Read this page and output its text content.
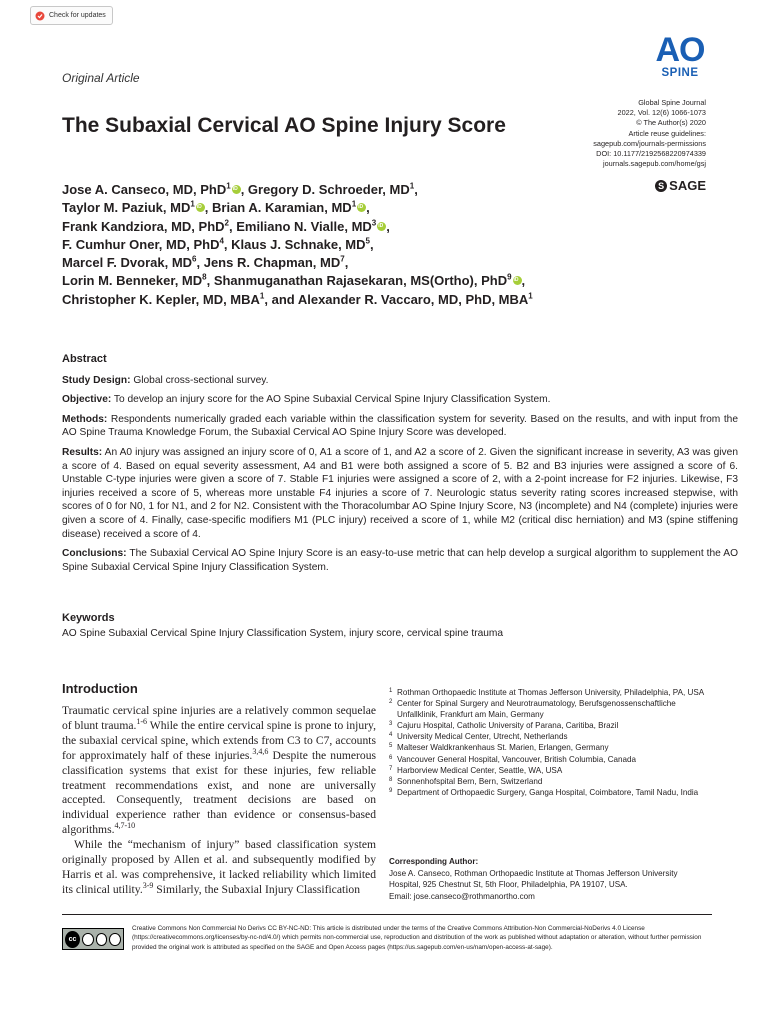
Check for updates
AO
SPINE
Original Article
The Subaxial Cervical AO Spine Injury Score
Global Spine Journal
2022, Vol. 12(6) 1066-1073
© The Author(s) 2020
Article reuse guidelines:
sagepub.com/journals-permissions
DOI: 10.1177/2192568220974339
journals.sagepub.com/home/gsj
S SAGE
Jose A. Canseco, MD, PhD$^1$iD , Gregory D. Schroeder, $MD^1$,
Taylor M. Paziuk, $MD^1iD$ , Brian A. Karamian, $MD^1iD$ ,
Frank Kandziora, MD, PhD$^2$, Emiliano N. Vialle, $MD^3iD$ ,
F. Cumhur Oner, MD, PhD$^4$, Klaus J. Schnake, $MD^5$,
Marcel F. Dvorak, $MD^6$, Jens R. Chapman, $MD^7$,
Lorin M. Benneker, $MD^8$, Shanmuganathan Rajasekaran, MS(Ortho), PhD$^9$iD ,
Christopher K. Kepler, MD, MBA$^1$, and Alexander R. Vaccaro, MD, PhD, MBA$^1$
Abstract

Study Design: Global cross-sectional survey.

Objective: To develop an injury score for the AO Spine Subaxial Cervical Spine Injury Classification System.

Methods: Respondents numerically graded each variable within the classification system for severity. Based on the results, and with input from the AO Spine Trauma Knowledge Forum, the Subaxial Cervical AO Spine Injury Score was developed.

Results: An A0 injury was assigned an injury score of 0, A1 a score of 1, and A2 a score of 2. Given the significant increase in severity, A3 was given a score of 4. Based on equal severity assessment, A4 and B1 were both assigned a score of 5. B2 and B3 injuries were assigned a score of 6. Unstable C-type injuries were given a score of 7. Stable F1 injuries were assigned a score of 2, with a 2-point increase for F2 injuries. Likewise, F3 injuries received a score of 5, whereas more unstable F4 injuries a score of 7. Neurologic status severity rating scores increased stepwise, with scores of 0 for N0, 1 for N1, and 2 for N2. Consistent with the Thoracolumbar AO Spine Injury Score, N3 (incomplete) and N4 (complete) injuries were given a score of 4. Finally, case-specific modifiers M1 (PLC injury) received a score of 1, while M2 (critical disc herniation) and M3 (spine stiffening disease) received a score of 4.

Conclusions: The Subaxial Cervical AO Spine Injury Score is an easy-to-use metric that can help develop a surgical algorithm to supplement the AO Spine Subaxial Cervical Spine Injury Classification System.

Keywords
AO Spine Subaxial Cervical Spine Injury Classification System, injury score, cervical spine trauma
Introduction

Traumatic cervical spine injuries are a relatively common sequelae of blunt trauma.$^{1-6}$ While the entire cervical spine is prone to injury, the subaxial cervical spine, which extends from C3 to C7, accounts for approximately half of these injuries.$^{3,4,6}$ Despite the numerous classification systems that exist for these injuries, few reliable treatment recommendations exist, and none are universally accepted. Consequently, treatment decisions are based on individual experience rather than evidence or consensus-based algorithms.$^{4,7-10}$

While the “mechanism of injury” based classification system originally proposed by Allen et al. and subsequently modified by Harris et al. was comprehensive, it lacked reliability which limited its clinical utility.$^{3-9}$ Similarly, the Subaxial Injury Classification

1 Rothman Orthopaedic Institute at Thomas Jefferson University, Philadelphia, PA, USA
2 Center for Spinal Surgery and Neurotraumatology, Berufsgenossenschaftliche Unfallklinik, Frankfurt am Main, Germany
3 Cajuru Hospital, Catholic University of Parana, Caritiba, Brazil
4 University Medical Center, Utrecht, Netherlands
5 Malteser Waldkrankenhaus St. Marien, Erlangen, Germany
6 Vancouver General Hospital, Vancouver, British Columbia, Canada
7 Harborview Medical Center, Seattle, WA, USA
8 Sonnenhofspital Bern, Bern, Switzerland
9 Department of Orthopaedic Surgery, Ganga Hospital, Coimbatore, Tamil Nadu, India
Corresponding Author:
Jose A. Canseco, Rothman Orthopaedic Institute at Thomas Jefferson University Hospital, 925 Chestnut St, 5th Floor, Philadelphia, PA 19107, USA.
Email: jose.canseco@rothmanortho.com
cc
Creative Commons Non Commercial No Derivs CC BY-NC-ND: This article is distributed under the terms of the Creative Commons Attribution-Non Commercial-NoDerivs 4.0 License (https://creativecommons.org/licenses/by-nc-nd/4.0/) which permits non-commercial use, reproduction and distribution of the work as published without adaptation or alteration, without further permission provided the original work is attributed as specified on the SAGE and Open Access pages (https://us.sagepub.com/en-us/nam/open-access-at-sage).
